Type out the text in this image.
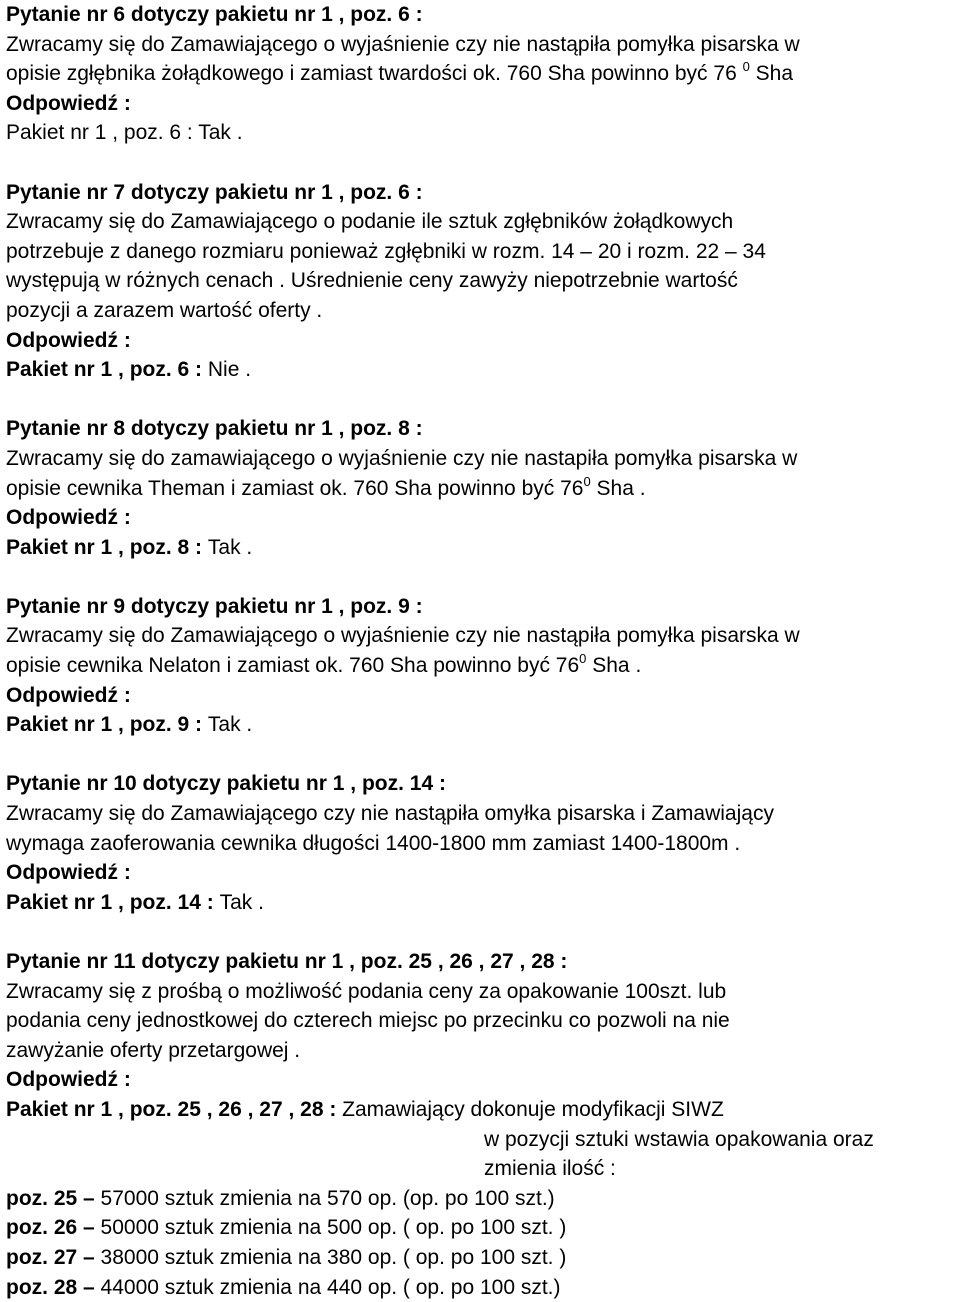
Pytanie nr 6 dotyczy pakietu nr 1 , poz. 6 :
Zwracamy się do Zamawiającego o wyjaśnienie czy nie nastąpiła pomyłka pisarska w
opisie zgłębnika żołądkowego i zamiast twardości ok. 760 Sha powinno być 76 $^0$ Sha
Odpowiedź :
Pakiet nr 1 , poz. 6 : Tak .
Pytanie nr 7 dotyczy pakietu nr 1 , poz. 6 :
Zwracamy się do Zamawiającego o podanie ile sztuk zgłębników żołądkowych
potrzebuje z danego rozmiaru ponieważ zgłębniki w rozm. 14 – 20 i rozm. 22 – 34
występują w różnych cenach . Uśrednienie ceny zawyży niepotrzebnie wartość
pozycji a zarazem wartość oferty .
Odpowiedź :
Pakiet nr 1 , poz. 6 : Nie .
Pytanie nr 8 dotyczy pakietu nr 1 , poz. 8 :
Zwracamy się do zamawiającego o wyjaśnienie czy nie nastapiła pomyłka pisarska w
opisie cewnika Theman i zamiast ok. 760 Sha powinno być $76^0$ Sha .
Odpowiedź :
Pakiet nr 1 , poz. 8 : Tak .
Pytanie nr 9 dotyczy pakietu nr 1 , poz. 9 :
Zwracamy się do Zamawiającego o wyjaśnienie czy nie nastąpiła pomyłka pisarska w
opisie cewnika Nelaton i zamiast ok. 760 Sha powinno być $76^0$ Sha .
Odpowiedź :
Pakiet nr 1 , poz. 9 : Tak .
Pytanie nr 10 dotyczy pakietu nr 1 , poz. 14 :
Zwracamy się do Zamawiającego czy nie nastąpiła omyłka pisarska i Zamawiający
wymaga zaoferowania cewnika długości 1400-1800 mm zamiast 1400-1800m .
Odpowiedź :
Pakiet nr 1 , poz. 14 : Tak .
Pytanie nr 11 dotyczy pakietu nr 1 , poz. 25 , 26 , 27 , 28 :
Zwracamy się z prośbą o możliwość podania ceny za opakowanie 100szt. lub
podania ceny jednostkowej do czterech miejsc po przecinku co pozwoli na nie
zawyżanie oferty przetargowej .
Odpowiedź :
Pakiet nr 1 , poz. 25 , 26 , 27 , 28 : Zamawiający dokonuje modyfikacji SIWZ
w pozycji sztuki wstawia opakowania oraz
zmienia ilość :
poz. 25 – 57000 sztuk zmienia na 570 op. (op. po 100 szt.)
poz. 26 – 50000 sztuk zmienia na 500 op. ( op. po 100 szt. )
poz. 27 – 38000 sztuk zmienia na 380 op. ( op. po 100 szt. )
poz. 28 – 44000 sztuk zmienia na 440 op. ( op. po 100 szt.)
